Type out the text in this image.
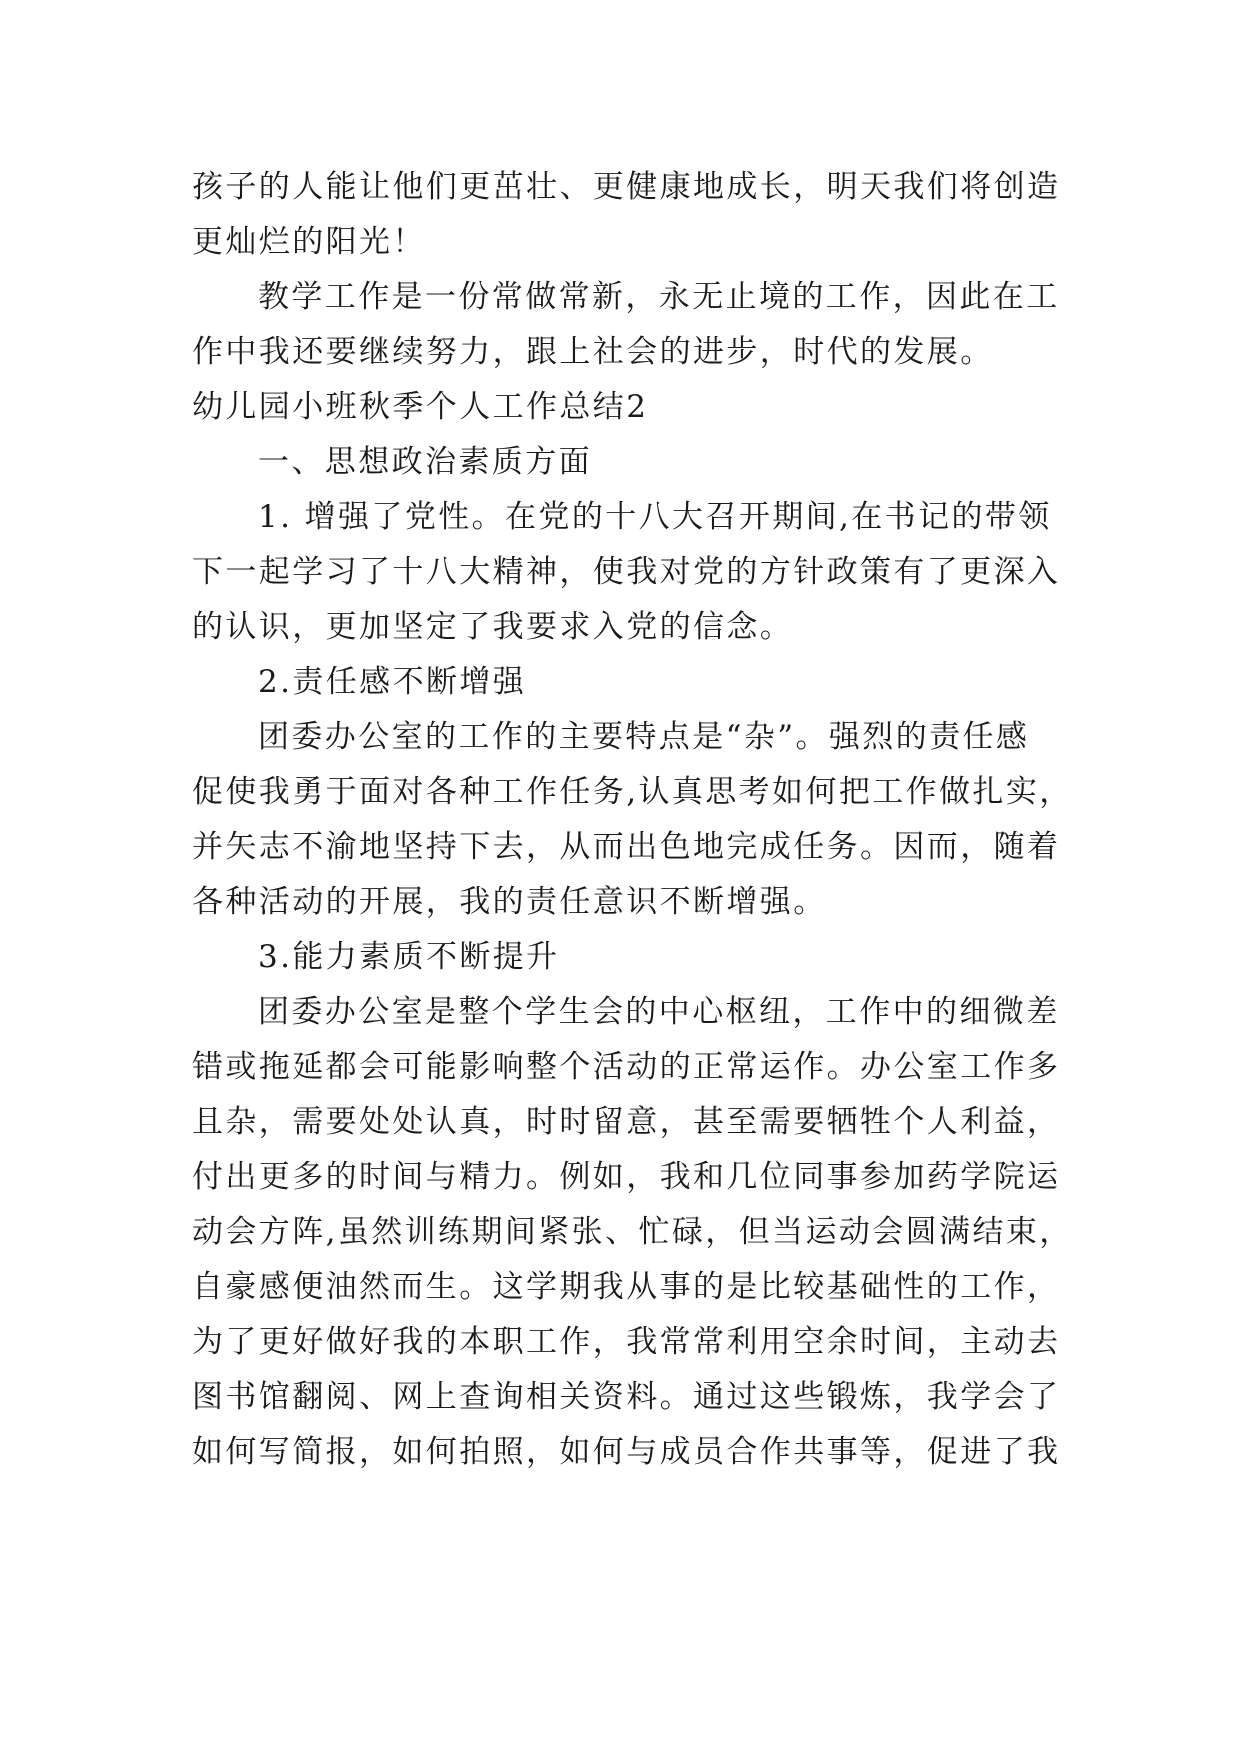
孩子的人能让他们更茁壮、更健康地成长，明天我们将创造
更灿烂的阳光！
教学工作是一份常做常新，永无止境的工作，因此在工
作中我还要继续努力，跟上社会的进步，时代的发展。
幼儿园小班秋季个人工作总结2
一、思想政治素质方面
1. 增强了党性。在党的十八大召开期间,在书记的带领
下一起学习了十八大精神，使我对党的方针政策有了更深入
的认识，更加坚定了我要求入党的信念。
2.责任感不断增强
团委办公室的工作的主要特点是“杂”。强烈的责任感
促使我勇于面对各种工作任务,认真思考如何把工作做扎实，
并矢志不渝地坚持下去，从而出色地完成任务。因而，随着
各种活动的开展，我的责任意识不断增强。
3.能力素质不断提升
团委办公室是整个学生会的中心枢纽，工作中的细微差
错或拖延都会可能影响整个活动的正常运作。办公室工作多
且杂，需要处处认真，时时留意，甚至需要牺牲个人利益，
付出更多的时间与精力。例如，我和几位同事参加药学院运
动会方阵,虽然训练期间紧张、忙碌，但当运动会圆满结束，
自豪感便油然而生。这学期我从事的是比较基础性的工作，
为了更好做好我的本职工作，我常常利用空余时间，主动去
图书馆翻阅、网上查询相关资料。通过这些锻炼，我学会了
如何写简报，如何拍照，如何与成员合作共事等，促进了我
